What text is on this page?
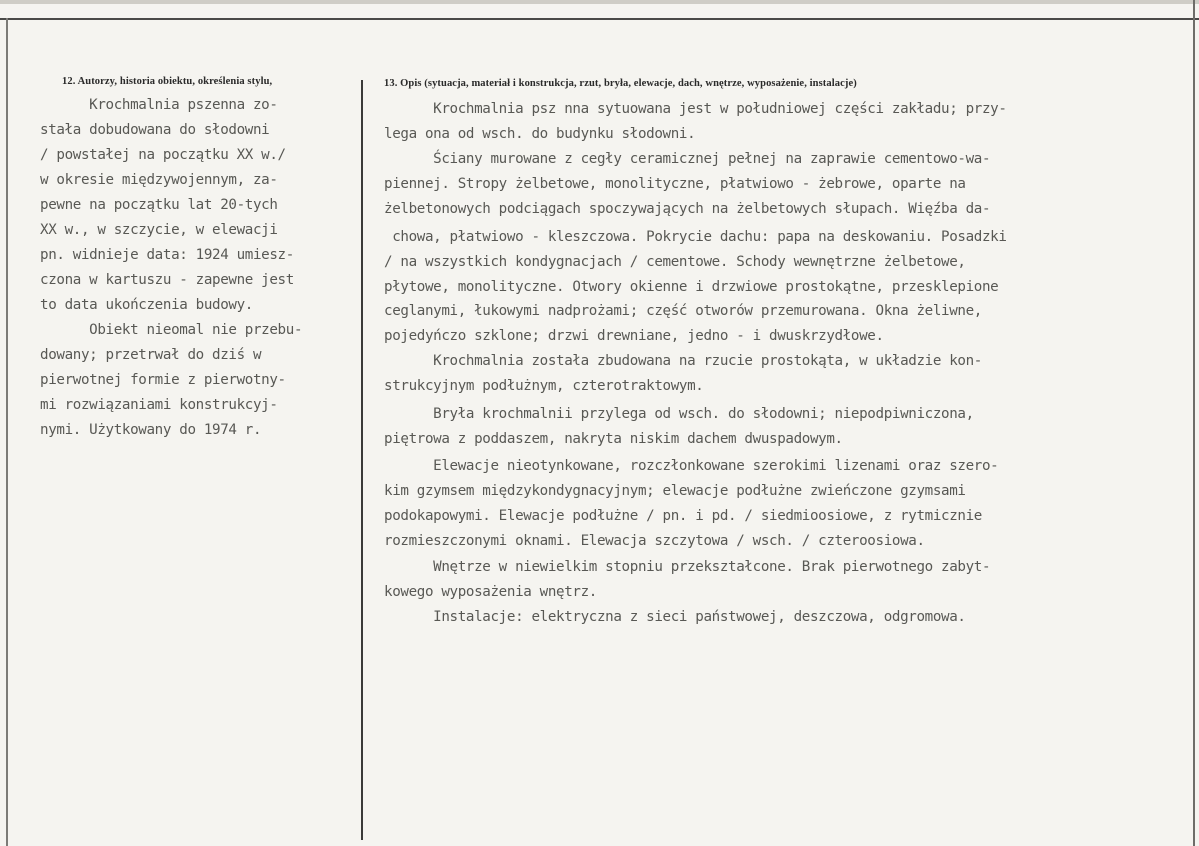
12. Autorzy, historia obiektu, określenia stylu,	13. Opis (sytuacja, materiał i konstrukcja, rzut, bryła, elewacje, dach, wnętrze, wyposażenie, instalacje)
Krochmalnia pszenna zo-
stała dobudowana do słodowni
/ powstałej na początku XX w./
w okresie międzywojennym, za-
pewne na początku lat 20-tych
XX w., w szczycie, w elewacji
pn. widnieje data: 1924 umiesz-
czona w kartuszu - zapewne jest
to data ukończenia budowy.
Obiekt nieomal nie przebu-
dowany; przetrwał do dziś w
pierwotnej formie z pierwotny-
mi rozwiązaniami konstrukcyj-
nymi. Użytkowany do 1974 r.
Krochmalnia psz nna sytuowana jest w południowej części zakładu; przy-
lega ona od wsch. do budynku słodowni.
Ściany murowane z cegły ceramicznej pełnej na zaprawie cementowo-wa-
piennej. Stropy żelbetowe, monolityczne, płatwiowo - żebrowe, oparte na
żelbetonowych podciągach spoczywających na żelbetowych słupach. Więźba da-
chowa, płatwiowo - kleszczowa. Pokrycie dachu: papa na deskowaniu. Posadzki
/ na wszystkich kondygnacjach / cementowe. Schody wewnętrzne żelbetowe,
płytowe, monolityczne. Otwory okienne i drzwiowe prostokątne, przesklepione
ceglanymi, łukowymi nadprożami; część otworów przemurowana. Okna żeliwne,
pojedyńczo szklone; drzwi drewniane, jedno - i dwuskrzydłowe.
Krochmalnia została zbudowana na rzucie prostokąta, w układzie kon-
strukcyjnym podłużnym, czterotraktowym.
Bryła krochmalnii przylega od wsch. do słodowni; niepodpiwniczona,
piętrowa z poddaszem, nakryta niskim dachem dwuspadowym.
Elewacje nieotynkowane, rozczłonkowane szerokimi lizenami oraz szero-
kim gzymsem międzykondygnacyjnym; elewacje podłużne zwieńczone gzymsami
podokapowymi. Elewacje podłużne / pn. i pd. / siedmioosiowe, z rytmicznie
rozmieszczonymi oknami. Elewacja szczytowa / wsch. / czteroosiowa.
Wnętrze w niewielkim stopniu przekształcone. Brak pierwotnego zabyt-
kowego wyposażenia wnętrz.
Instalacje: elektryczna z sieci państwowej, deszczowa, odgromowa.
